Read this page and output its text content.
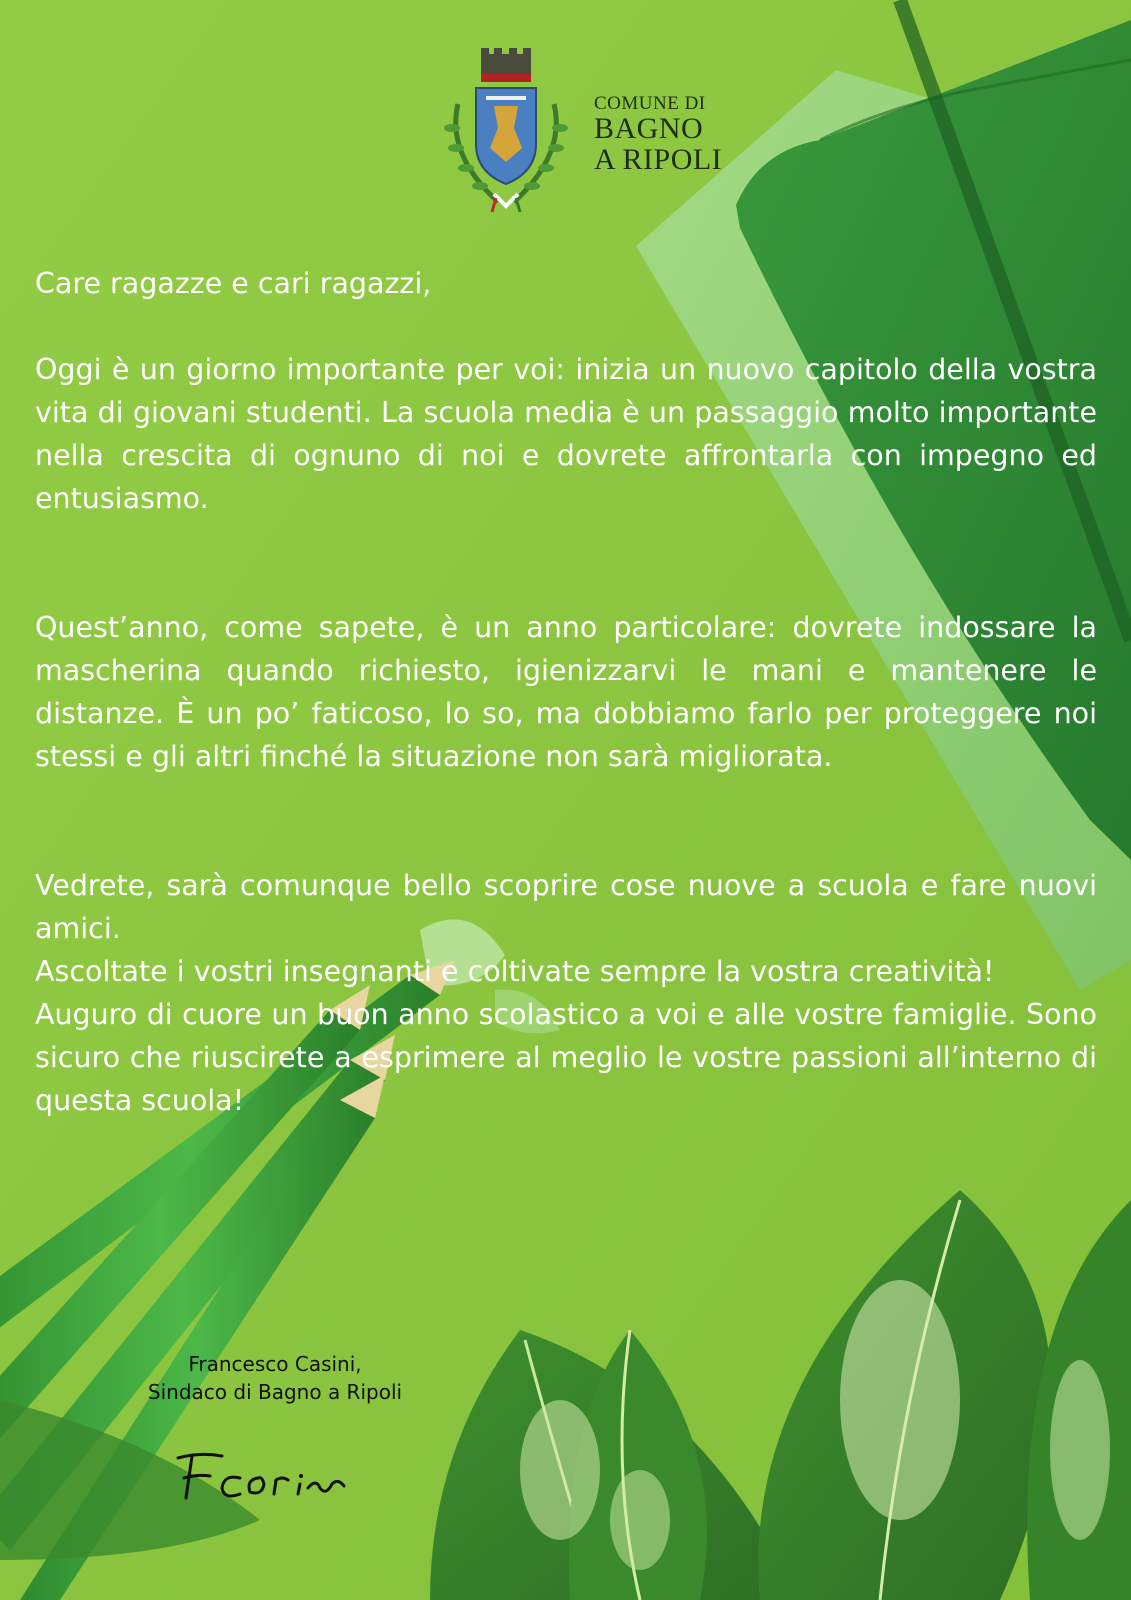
COMUNE DI
BAGNO
A RIPOLI

Care ragazze e cari ragazzi,

Oggi è un giorno importante per voi: inizia un nuovo capitolo della vostra vita di giovani studenti. La scuola media è un passaggio molto importante nella crescita di ognuno di noi e dovrete affrontarla con impegno ed entusiasmo.

Quest’anno, come sapete, è un anno particolare: dovrete indossare la mascherina quando richiesto, igienizzarvi le mani e mantenere le distanze. È un po’ faticoso, lo so, ma dobbiamo farlo per proteggere noi stessi e gli altri finché la situazione non sarà migliorata.

Vedrete, sarà comunque bello scoprire cose nuove a scuola e fare nuovi amici.

Ascoltate i vostri insegnanti e coltivate sempre la vostra creatività!

Auguro di cuore un buon anno scolastico a voi e alle vostre famiglie. Sono sicuro che riuscirete a esprimere al meglio le vostre passioni all’interno di questa scuola!

Francesco Casini,
Sindaco di Bagno a Ripoli
